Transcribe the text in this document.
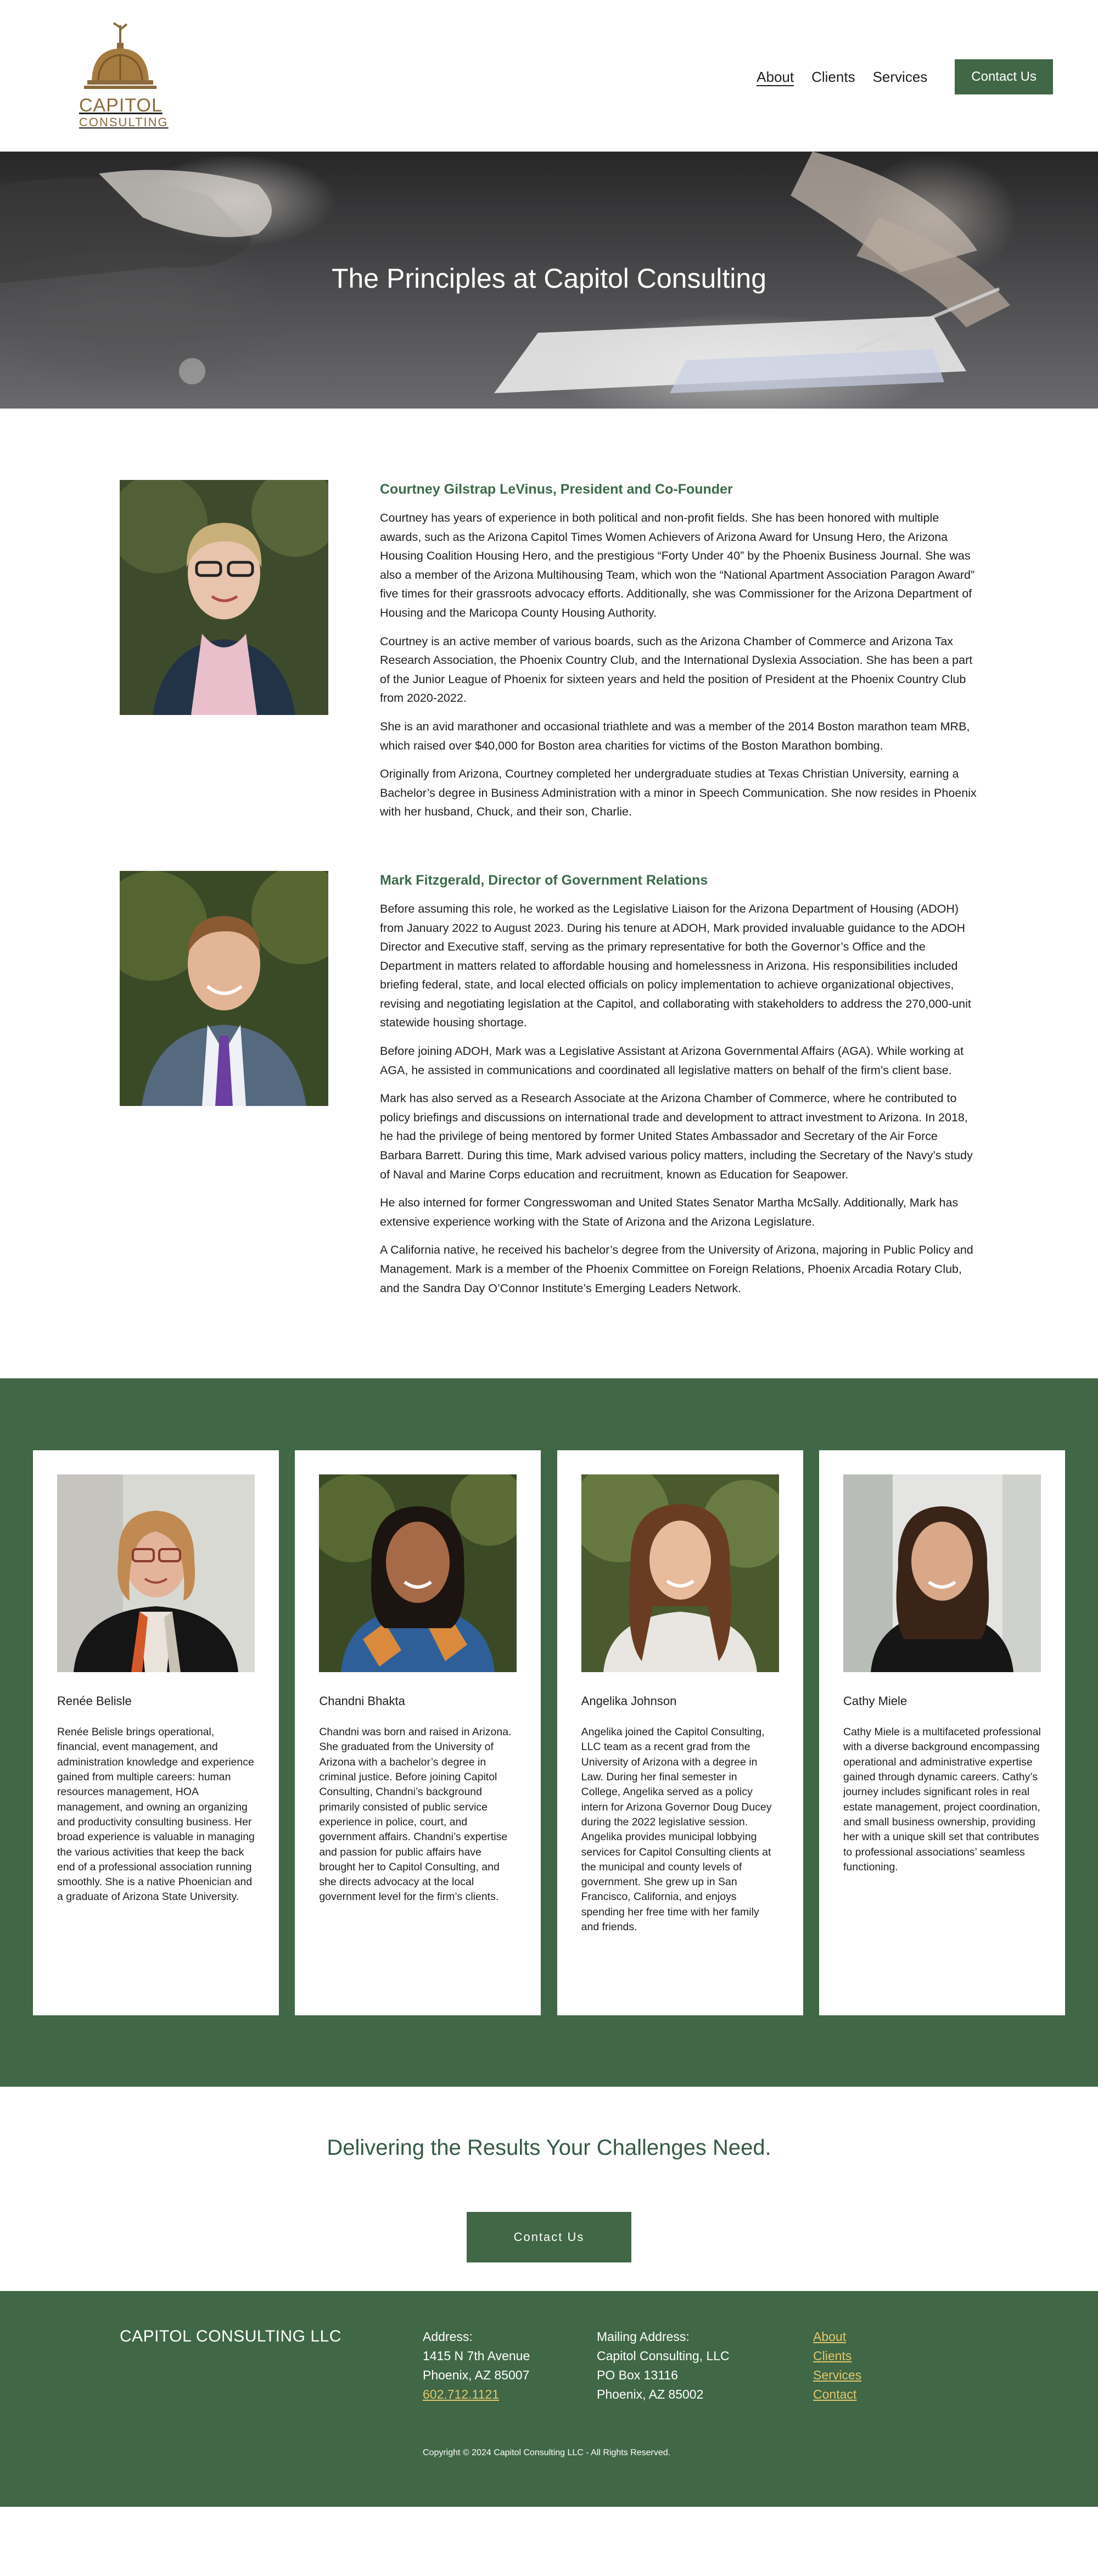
CAPITOL
CONSULTING
About Clients Services	Contact Us
The Principles at Capitol Consulting
Courtney Gilstrap LeVinus, President and Co-Founder

Courtney has years of experience in both political and non-profit fields. She has been honored with multiple awards, such as the Arizona Capitol Times Women Achievers of Arizona Award for Unsung Hero, the Arizona Housing Coalition Housing Hero, and the prestigious “Forty Under 40” by the Phoenix Business Journal. She was also a member of the Arizona Multihousing Team, which won the “National Apartment Association Paragon Award” five times for their grassroots advocacy efforts. Additionally, she was Commissioner for the Arizona Department of Housing and the Maricopa County Housing Authority.

Courtney is an active member of various boards, such as the Arizona Chamber of Commerce and Arizona Tax Research Association, the Phoenix Country Club, and the International Dyslexia Association. She has been a part of the Junior League of Phoenix for sixteen years and held the position of President at the Phoenix Country Club from 2020-2022.

She is an avid marathoner and occasional triathlete and was a member of the 2014 Boston marathon team MRB, which raised over $40,000 for Boston area charities for victims of the Boston Marathon bombing.

Originally from Arizona, Courtney completed her undergraduate studies at Texas Christian University, earning a Bachelor’s degree in Business Administration with a minor in Speech Communication. She now resides in Phoenix with her husband, Chuck, and their son, Charlie.

Mark Fitzgerald, Director of Government Relations

Before assuming this role, he worked as the Legislative Liaison for the Arizona Department of Housing (ADOH) from January 2022 to August 2023. During his tenure at ADOH, Mark provided invaluable guidance to the ADOH Director and Executive staff, serving as the primary representative for both the Governor’s Office and the Department in matters related to affordable housing and homelessness in Arizona. His responsibilities included briefing federal, state, and local elected officials on policy implementation to achieve organizational objectives, revising and negotiating legislation at the Capitol, and collaborating with stakeholders to address the 270,000-unit statewide housing shortage.

Before joining ADOH, Mark was a Legislative Assistant at Arizona Governmental Affairs (AGA). While working at AGA, he assisted in communications and coordinated all legislative matters on behalf of the firm’s client base.

Mark has also served as a Research Associate at the Arizona Chamber of Commerce, where he contributed to policy briefings and discussions on international trade and development to attract investment to Arizona. In 2018, he had the privilege of being mentored by former United States Ambassador and Secretary of the Air Force Barbara Barrett. During this time, Mark advised various policy matters, including the Secretary of the Navy’s study of Naval and Marine Corps education and recruitment, known as Education for Seapower.

He also interned for former Congresswoman and United States Senator Martha McSally. Additionally, Mark has extensive experience working with the State of Arizona and the Arizona Legislature.

A California native, he received his bachelor’s degree from the University of Arizona, majoring in Public Policy and Management. Mark is a member of the Phoenix Committee on Foreign Relations, Phoenix Arcadia Rotary Club, and the Sandra Day O’Connor Institute’s Emerging Leaders Network.

Renée Belisle

Renée Belisle brings operational, financial, event management, and administration knowledge and experience gained from multiple careers: human resources management, HOA management, and owning an organizing and productivity consulting business. Her broad experience is valuable in managing the various activities that keep the back end of a professional association running smoothly. She is a native Phoenician and a graduate of Arizona State University.

Chandni Bhakta

Chandni was born and raised in Arizona. She graduated from the University of Arizona with a bachelor’s degree in criminal justice. Before joining Capitol Consulting, Chandni’s background primarily consisted of public service experience in police, court, and government affairs. Chandni’s expertise and passion for public affairs have brought her to Capitol Consulting, and she directs advocacy at the local government level for the firm’s clients.

Angelika Johnson

Angelika joined the Capitol Consulting, LLC team as a recent grad from the University of Arizona with a degree in Law. During her final semester in College, Angelika served as a policy intern for Arizona Governor Doug Ducey during the 2022 legislative session. Angelika provides municipal lobbying services for Capitol Consulting clients at the municipal and county levels of government. She grew up in San Francisco, California, and enjoys spending her free time with her family and friends.

Cathy Miele

Cathy Miele is a multifaceted professional with a diverse background encompassing operational and administrative expertise gained through dynamic careers. Cathy’s journey includes significant roles in real estate management, project coordination, and small business ownership, providing her with a unique skill set that contributes to professional associations’ seamless functioning.

Delivering the Results Your Challenges Need.
Contact Us
CAPITOL CONSULTING LLC	Address:
1415 N 7th Avenue
Phoenix, AZ 85007
602.712.1121
Mailing Address:
Capitol Consulting, LLC
PO Box 13116
Phoenix, AZ 85002
About
Clients
Services
Contact
Copyright © 2024 Capitol Consulting LLC - All Rights Reserved.
